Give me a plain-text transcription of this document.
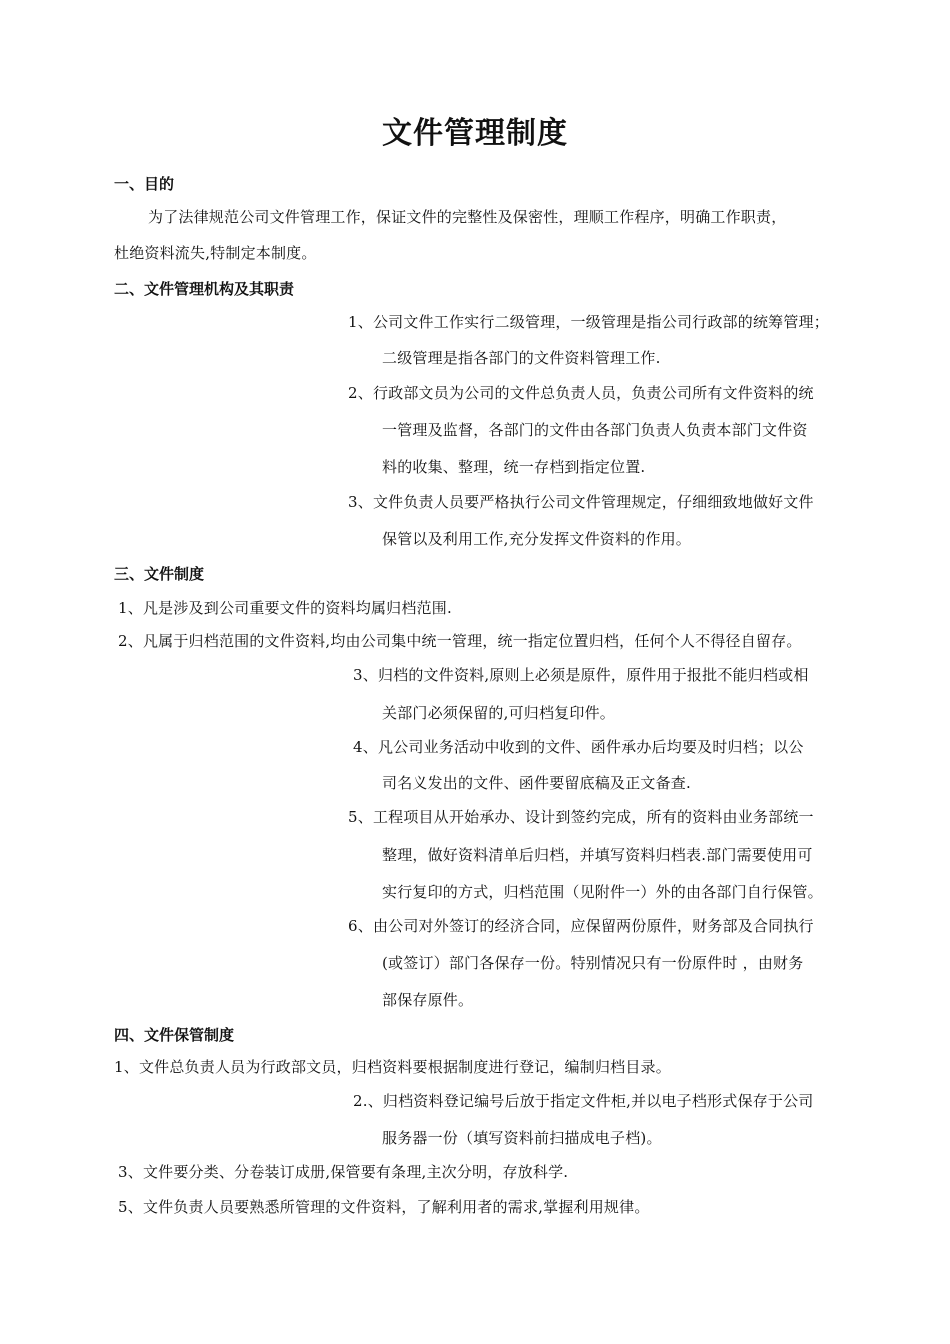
文件管理制度
一、目的
为了法律规范公司文件管理工作，保证文件的完整性及保密性，理顺工作程序，明确工作职责，
杜绝资料流失,特制定本制度。
二、文件管理机构及其职责
1、公司文件工作实行二级管理，一级管理是指公司行政部的统筹管理；
二级管理是指各部门的文件资料管理工作.
2、行政部文员为公司的文件总负责人员，负责公司所有文件资料的统
一管理及监督，各部门的文件由各部门负责人负责本部门文件资
料的收集、整理，统一存档到指定位置.
3、文件负责人员要严格执行公司文件管理规定，仔细细致地做好文件
保管以及利用工作,充分发挥文件资料的作用。
三、文件制度
1、凡是涉及到公司重要文件的资料均属归档范围.
2、凡属于归档范围的文件资料,均由公司集中统一管理，统一指定位置归档，任何个人不得径自留存。
3、归档的文件资料,原则上必须是原件，原件用于报批不能归档或相
关部门必须保留的,可归档复印件。
4、凡公司业务活动中收到的文件、函件承办后均要及时归档；以公
司名义发出的文件、函件要留底稿及正文备查.
5、工程项目从开始承办、设计到签约完成，所有的资料由业务部统一
整理，做好资料清单后归档，并填写资料归档表.部门需要使用可
实行复印的方式，归档范围（见附件一）外的由各部门自行保管。
6、由公司对外签订的经济合同，应保留两份原件，财务部及合同执行
(或签订）部门各保存一份。特别情况只有一份原件时 ，由财务
部保存原件。
四、文件保管制度
1、文件总负责人员为行政部文员，归档资料要根据制度进行登记，编制归档目录。
2.、归档资料登记编号后放于指定文件柜,并以电子档形式保存于公司
服务器一份（填写资料前扫描成电子档)。
3、文件要分类、分卷装订成册,保管要有条理,主次分明，存放科学.
5、文件负责人员要熟悉所管理的文件资料，了解利用者的需求,掌握利用规律。
